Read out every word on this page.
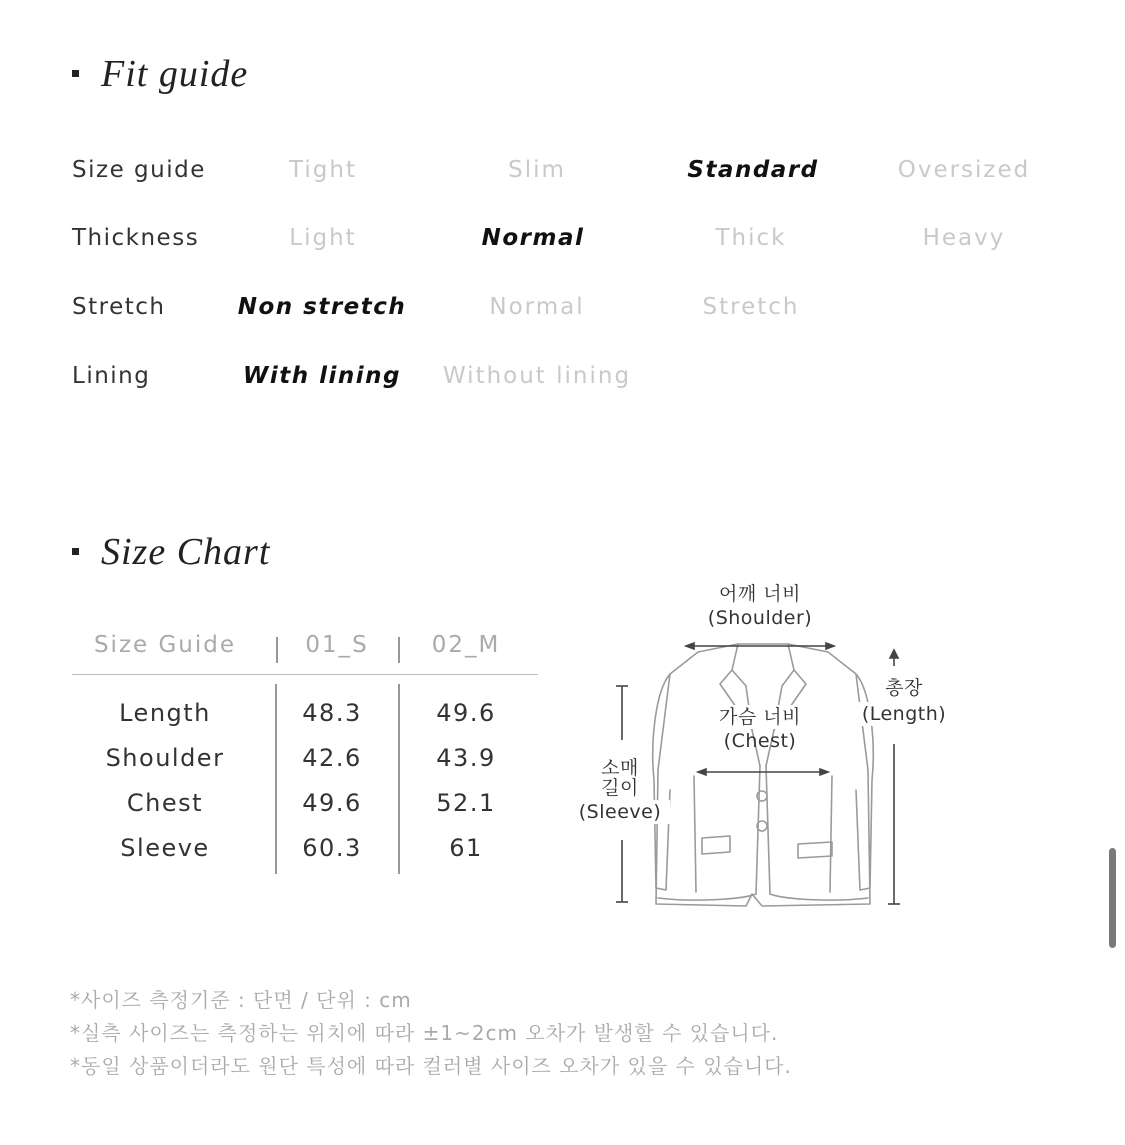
Fit guide
Size guide	Tight	Slim	Standard	Oversized
Thickness	Light	Normal	Thick	Heavy
Stretch	Non stretch	Normal	Stretch
Lining	With lining	Without lining
Size Chart
Size Guide	01_S	02_M
Length	48.3	49.6
Shoulder	42.6	43.9
Chest	49.6	52.1
Sleeve	60.3	61
어깨 너비
(Shoulder)
가슴 너비
(Chest)
총장
(Length)
소매
길이
(Sleeve)
*사이즈 측정기준 : 단면 / 단위 : cm
*실측 사이즈는 측정하는 위치에 따라 ±1~2cm 오차가 발생할 수 있습니다.
*동일 상품이더라도 원단 특성에 따라 컬러별 사이즈 오차가 있을 수 있습니다.
